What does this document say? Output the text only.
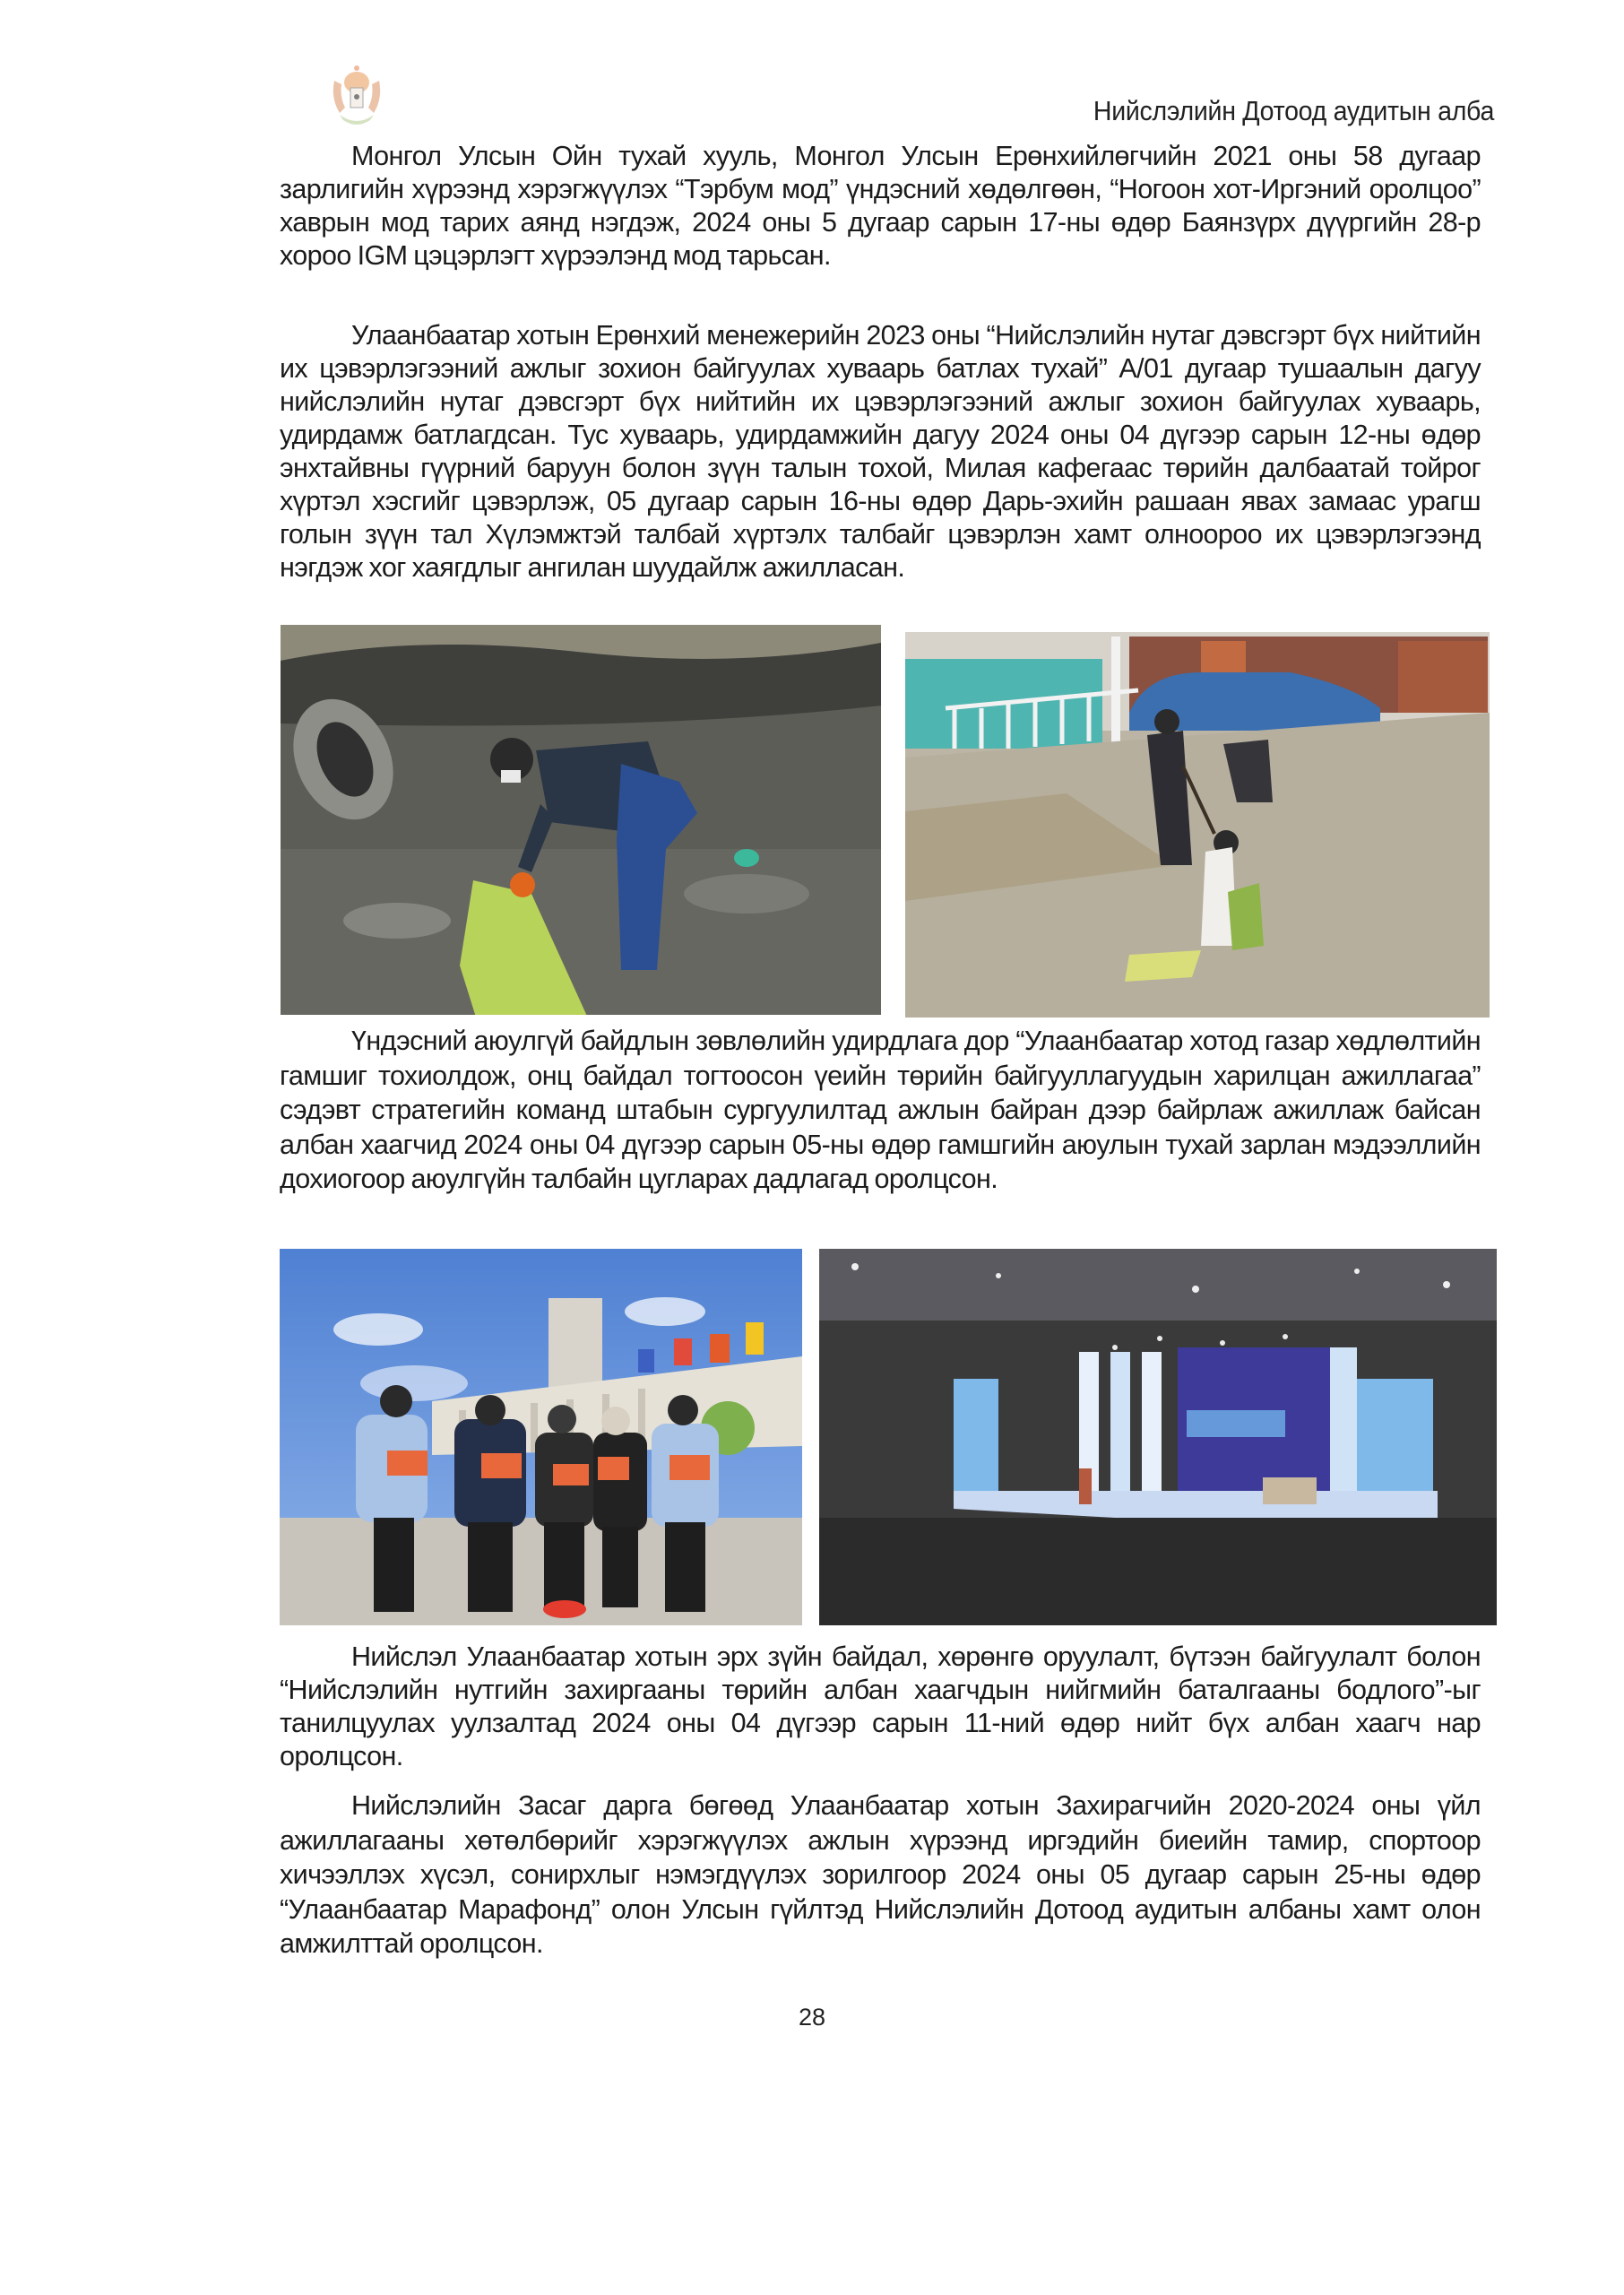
Нийслэлийн Дотоод аудитын алба

Монгол Улсын Ойн тухай хууль, Монгол Улсын Ерөнхийлөгчийн 2021 оны 58 дугаар зарлигийн хүрээнд хэрэгжүүлэх “Тэрбум мод” үндэсний хөдөлгөөн, “Ногоон хот-Иргэний оролцоо” хаврын мод тарих аянд нэгдэж, 2024 оны 5 дугаар сарын 17-ны өдөр Баянзүрх дүүргийн 28-р хороо IGM цэцэрлэгт хүрээлэнд мод тарьсан.

Улаанбаатар хотын Ерөнхий менежерийн 2023 оны “Нийслэлийн нутаг дэвсгэрт бүх нийтийн их цэвэрлэгээний ажлыг зохион байгуулах хуваарь батлах тухай” А/01 дугаар тушаалын дагуу нийслэлийн нутаг дэвсгэрт бүх нийтийн их цэвэрлэгээний ажлыг зохион байгуулах хуваарь, удирдамж батлагдсан. Тус хуваарь, удирдамжийн дагуу 2024 оны 04 дүгээр сарын 12-ны өдөр энхтайвны гүүрний баруун болон зүүн талын тохой, Милая кафегаас төрийн далбаатай тойрог хүртэл хэсгийг цэвэрлэж, 05 дугаар сарын 16-ны өдөр Дарь-эхийн рашаан явах замаас урагш голын зүүн тал Хүлэмжтэй талбай хүртэлх талбайг цэвэрлэн хамт олноороо их цэвэрлэгээнд нэгдэж хог хаягдлыг ангилан шуудайлж ажилласан.

Үндэсний аюулгүй байдлын зөвлөлийн удирдлага дор “Улаанбаатар хотод газар хөдлөлтийн гамшиг тохиолдож, онц байдал тогтоосон үеийн төрийн байгууллагуудын харилцан ажиллагаа” сэдэвт стратегийн команд штабын сургуулилтад ажлын байран дээр байрлаж ажиллаж байсан албан хаагчид 2024 оны 04 дүгээр сарын 05-ны өдөр гамшгийн аюулын тухай зарлан мэдээллийн дохиогоор аюулгүйн талбайн цугларах дадлагад оролцсон.

Нийслэл Улаанбаатар хотын эрх зүйн байдал, хөрөнгө оруулалт, бүтээн байгуулалт болон “Нийслэлийн нутгийн захиргааны төрийн албан хаагчдын нийгмийн баталгааны бодлого”-ыг танилцуулах уулзалтад 2024 оны 04 дүгээр сарын 11-ний өдөр нийт бүх албан хаагч нар оролцсон.

Нийслэлийн Засаг дарга бөгөөд Улаанбаатар хотын Захирагчийн 2020-2024 оны үйл ажиллагааны хөтөлбөрийг хэрэгжүүлэх ажлын хүрээнд иргэдийн биеийн тамир, спортоор хичээллэх хүсэл, сонирхлыг нэмэгдүүлэх зорилгоор 2024 оны 05 дугаар сарын 25-ны өдөр “Улаанбаатар Марафонд” олон Улсын гүйлтэд Нийслэлийн Дотоод аудитын албаны хамт олон амжилттай оролцсон.

28
